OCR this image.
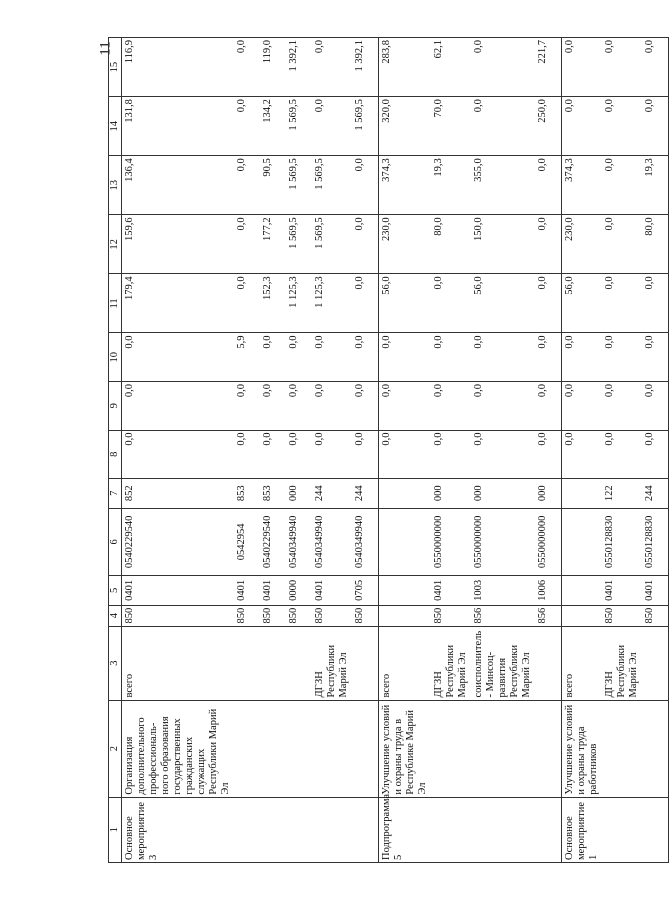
11
1	2	3	4	5	6	7	8	9	10	11	12	13	14	15
Основное мероприятие 3	Организация дополнительного профессиональ-ного образования государственных гражданских служащих Республики Марий Эл	всего	850	0401	0540229540	852	0,0	0,0	0,0	179,4	159,6	136,4	131,8	116,9
			850	0401	0542954	853	0,0	0,0	5,9	0,0	0,0	0,0	0,0	0,0
			850	0401	0540229540	853	0,0	0,0	0,0	152,3	177,2	90,5	134,2	119,0
			850	0000	0540349940	000	0,0	0,0	0,0	1 125,3	1 569,5	1 569,5	1 569,5	1 392,1
		ДГЗН Республики Марий Эл	850	0401	0540349940	244	0,0	0,0	0,0	1 125,3	1 569,5	1 569,5	0,0	0,0
			850	0705	0540349940	244	0,0	0,0	0,0	0,0	0,0	0,0	1 569,5	1 392,1
Подпрограмма 5	Улучшение условий и охраны труда в Республике Марий Эл	всего					0,0	0,0	0,0	56,0	230,0	374,3	320,0	283,8
		ДГЗН Республики Марий Эл	850	0401	0550000000	000	0,0	0,0	0,0	0,0	80,0	19,3	70,0	62,1
		соисполнитель - Минсоц-развития Республики Марий Эл	856	1003	0550000000	000	0,0	0,0	0,0	56,0	150,0	355,0	0,0	0,0
			856	1006	0550000000	000	0,0	0,0	0,0	0,0	0,0	0,0	250,0	221,7
Основное мероприятие 1	Улучшение условий и охраны труда работников	всего					0,0	0,0	0,0	56,0	230,0	374,3	0,0	0,0
		ДГЗН Республики Марий Эл	850	0401	0550128830	122	0,0	0,0	0,0	0,0	0,0	0,0	0,0	0,0
			850	0401	0550128830	244	0,0	0,0	0,0	0,0	80,0	19,3	0,0	0,0
